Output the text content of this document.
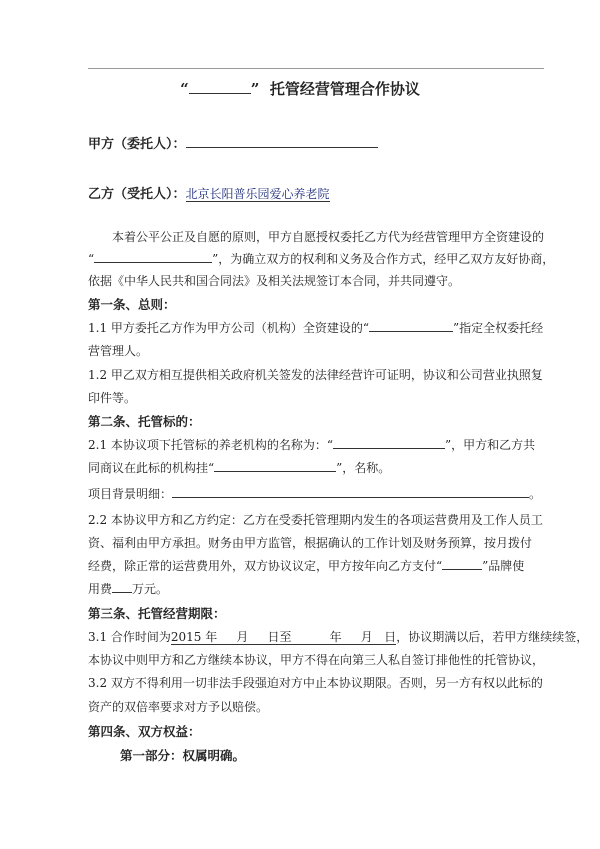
“	” 托管经营管理合作协议
甲方（委托人）：
乙方（受托人）：北京长阳普乐园爱心养老院
本着公平公正及自愿的原则，甲方自愿授权委托乙方代为经营管理甲方全资建设的
“	”，为确立双方的权利和义务及合作方式，经甲乙双方友好协商，
依据《中华人民共和国合同法》及相关法规签订本合同，并共同遵守。
第一条、总则：
1.1 甲方委托乙方作为甲方公司（机构）全资建设的“	”指定全权委托经
营管理人。
1.2 甲乙双方相互提供相关政府机关签发的法律经营许可证明，协议和公司营业执照复
印件等。
第二条、托管标的：
2.1 本协议项下托管标的养老机构的名称为：“	”，甲方和乙方共
同商议在此标的机构挂“	”，名称。
项目背景明细：	。
2.2 本协议甲方和乙方约定：乙方在受委托管理期内发生的各项运营费用及工作人员工
资、福利由甲方承担。财务由甲方监管，根据确认的工作计划及财务预算，按月拨付
经费，除正常的运营费用外，双方协议议定，甲方按年向乙方支付“	”品牌使
用费 万元。
第三条、托管经营期限：
3.1 合作时间为2015 年 月 日至	年 月 日，协议期满以后，若甲方继续续签，
本协议中则甲方和乙方继续本协议，甲方不得在向第三人私自签订排他性的托管协议，
3.2 双方不得利用一切非法手段强迫对方中止本协议期限。否则，另一方有权以此标的
资产的双倍率要求对方予以赔偿。
第四条、双方权益：
第一部分：权属明确。
